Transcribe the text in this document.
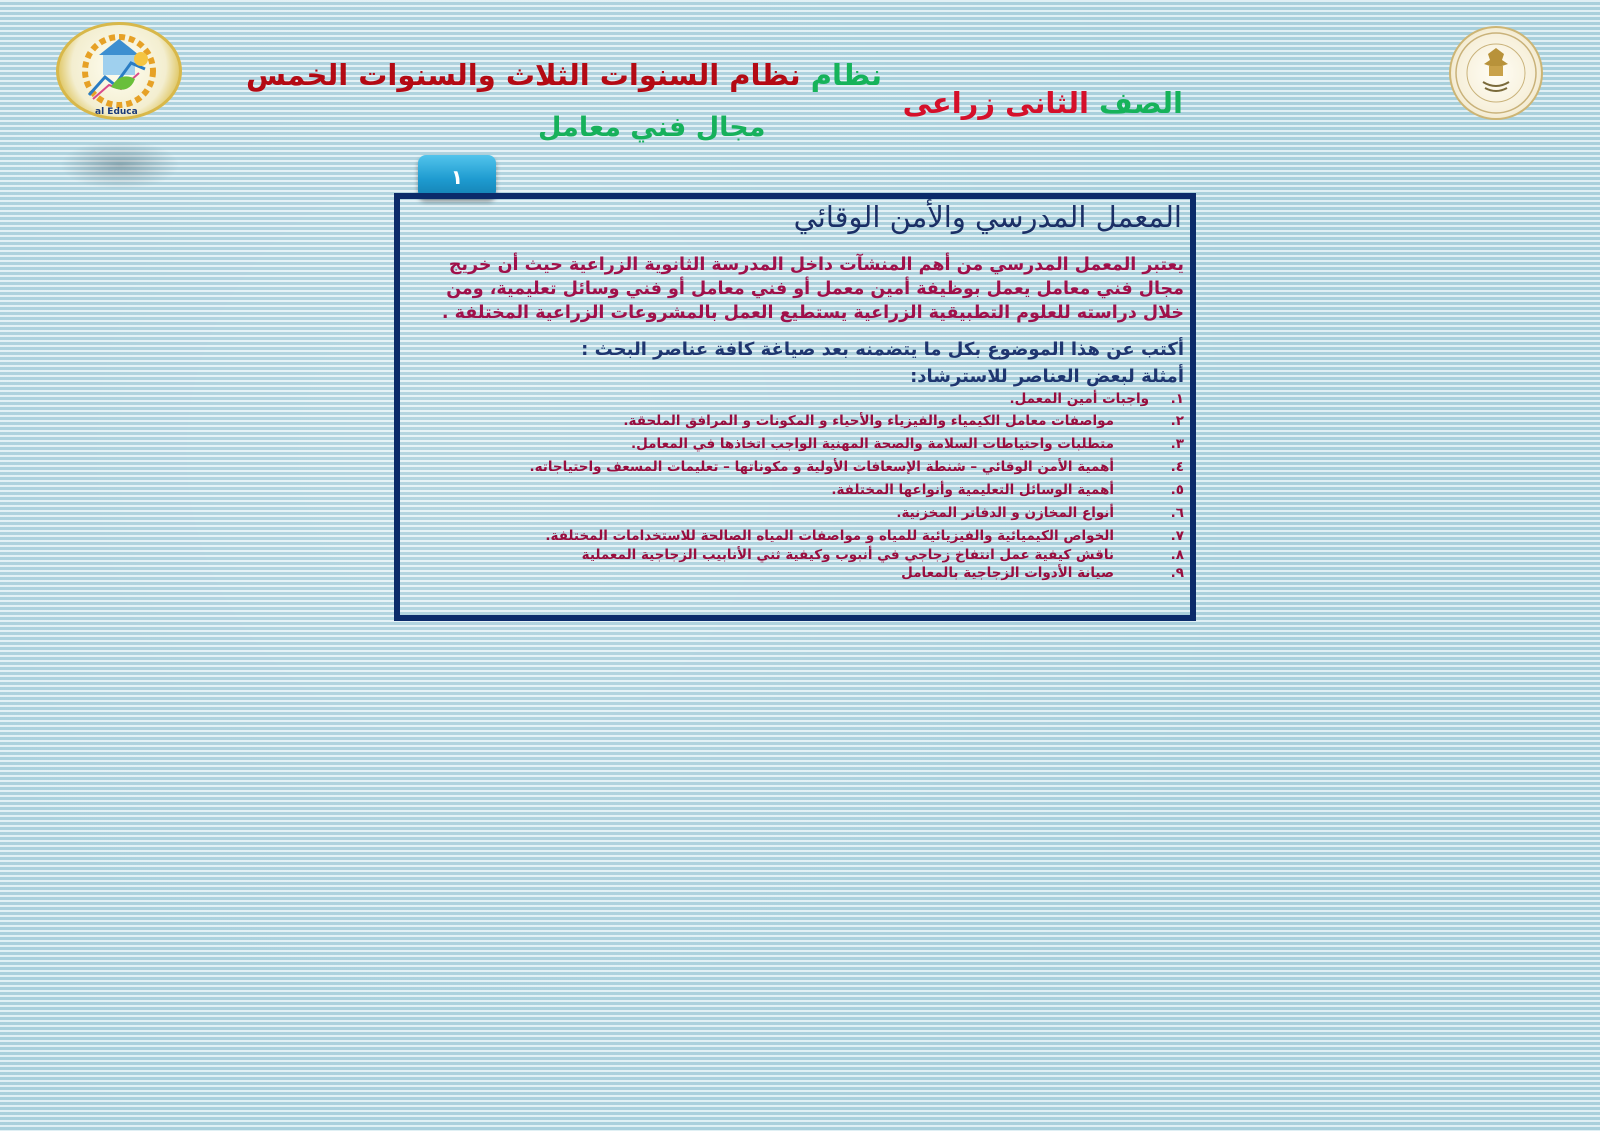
al Educa
نظام نظام السنوات الثلاث والسنوات الخمس
مجال فني معامل
الصف الثانى زراعى
١
المعمل المدرسي والأمن الوقائي
يعتبر المعمل المدرسي من أهم المنشآت داخل المدرسة الثانوية الزراعية حيث أن خريج مجال فني معامل يعمل بوظيفة أمين معمل أو فني معامل أو فني وسائل تعليمية، ومن خلال دراسته للعلوم التطبيقية الزراعية يستطيع العمل بالمشروعات الزراعية المختلفة .
أكتب عن هذا الموضوع بكل ما يتضمنه بعد صياغة كافة عناصر البحث :
أمثلة لبعض العناصر للاسترشاد:
١.
واجبات أمين المعمل.
٢.
مواصفات معامل الكيمياء والفيزياء والأحياء و المكونات و المرافق الملحقة.
٣.
متطلبات واحتياطات السلامة والصحة المهنية الواجب اتخاذها في المعامل.
٤.
أهمية الأمن الوقائي – شنطة الإسعافات الأولية و مكوناتها – تعليمات المسعف واحتياجاته.
٥.
أهمية الوسائل التعليمية وأنواعها المختلفة.
٦.
أنواع المخازن و الدفاتر المخزنية.
٧.
الخواص الكيميائية والفيزيائية للمياه و مواصفات المياه الصالحة للاستخدامات المختلفة.
٨.
ناقش كيفية عمل انتفاخ زجاجي في أنبوب وكيفية ثني الأنابيب الزجاجية المعملية
٩.
صيانة الأدوات الزجاجية بالمعامل
